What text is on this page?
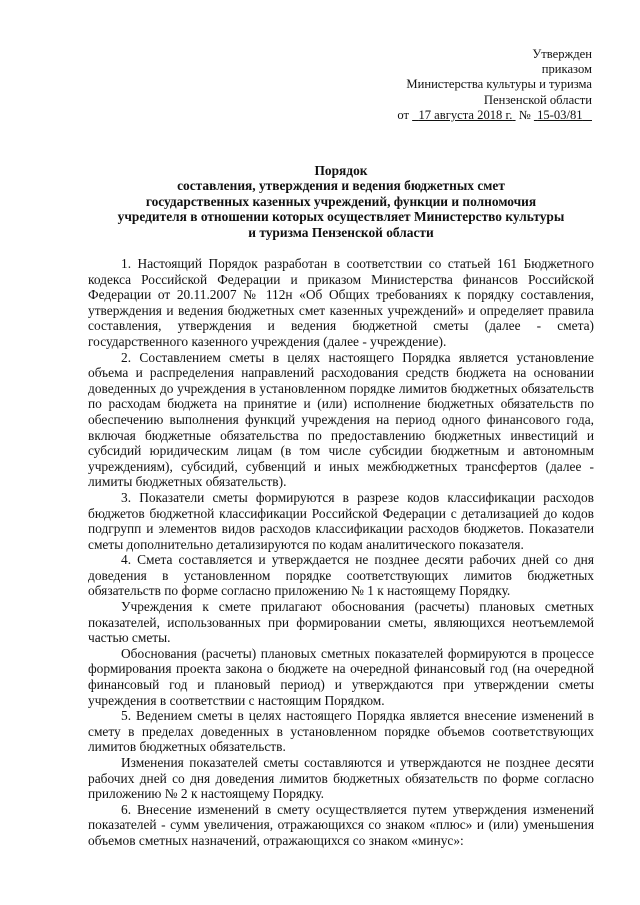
Утвержден
приказом
Министерства культуры и туризма
Пензенской области
от 17 августа 2018 г. № 15-03/81
Порядок
составления, утверждения и ведения бюджетных смет
государственных казенных учреждений, функции и полномочия
учредителя в отношении которых осуществляет Министерство культуры
и туризма Пензенской области

1. Настоящий Порядок разработан в соответствии со статьей 161 Бюджетного кодекса Российской Федерации и приказом Министерства финансов Российской Федерации от 20.11.2007 № 112н «Об Общих требованиях к порядку составления, утверждения и ведения бюджетных смет казенных учреждений» и определяет правила составления, утверждения и ведения бюджетной сметы (далее - смета) государственного казенного учреждения (далее - учреждение).

2. Составлением сметы в целях настоящего Порядка является установление объема и распределения направлений расходования средств бюджета на основании доведенных до учреждения в установленном порядке лимитов бюджетных обязательств по расходам бюджета на принятие и (или) исполнение бюджетных обязательств по обеспечению выполнения функций учреждения на период одного финансового года, включая бюджетные обязательства по предоставлению бюджетных инвестиций и субсидий юридическим лицам (в том числе субсидии бюджетным и автономным учреждениям), субсидий, субвенций и иных межбюджетных трансфертов (далее - лимиты бюджетных обязательств).

3. Показатели сметы формируются в разрезе кодов классификации расходов бюджетов бюджетной классификации Российской Федерации с детализацией до кодов подгрупп и элементов видов расходов классификации расходов бюджетов. Показатели сметы дополнительно детализируются по кодам аналитического показателя.

4. Смета составляется и утверждается не позднее десяти рабочих дней со дня доведения в установленном порядке соответствующих лимитов бюджетных обязательств по форме согласно приложению № 1 к настоящему Порядку.

Учреждения к смете прилагают обоснования (расчеты) плановых сметных показателей, использованных при формировании сметы, являющихся неотъемлемой частью сметы.

Обоснования (расчеты) плановых сметных показателей формируются в процессе формирования проекта закона о бюджете на очередной финансовый год (на очередной финансовый год и плановый период) и утверждаются при утверждении сметы учреждения в соответствии с настоящим Порядком.

5. Ведением сметы в целях настоящего Порядка является внесение изменений в смету в пределах доведенных в установленном порядке объемов соответствующих лимитов бюджетных обязательств.

Изменения показателей сметы составляются и утверждаются не позднее десяти рабочих дней со дня доведения лимитов бюджетных обязательств по форме согласно приложению № 2 к настоящему Порядку.

6. Внесение изменений в смету осуществляется путем утверждения изменений показателей - сумм увеличения, отражающихся со знаком «плюс» и (или) уменьшения объемов сметных назначений, отражающихся со знаком «минус»:
